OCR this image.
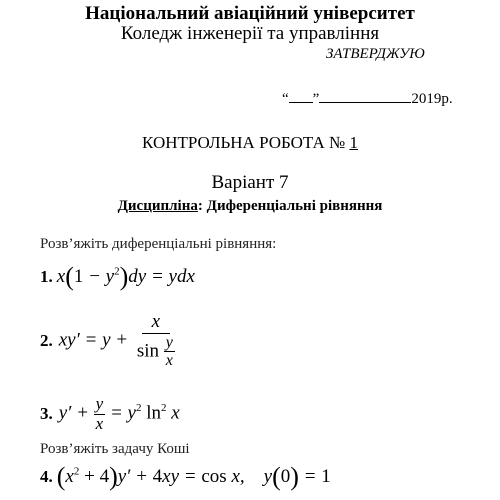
Національний авіаційний університет
Коледж інженерії та управління
ЗАТВЕРДЖУЮ
“ ”	2019р.
КОНТРОЛЬНА РОБОТА № 1
Варіант 7
Дисципліна: Диференціальні рівняння
Розв’яжіть диференціальні рівняння:
1. $x(1 - y^2)dy$ = ydx
2. $xy' = y + \frac{x}{\sin \frac{y}{x}}$
3. $y' + \frac{y}{x} = y^2$ $\ln^2 x$
Розв’яжіть задачу Коші
4. $(x^2 + 4)y' + 4xy = \cos x$,    y(0) = 1
